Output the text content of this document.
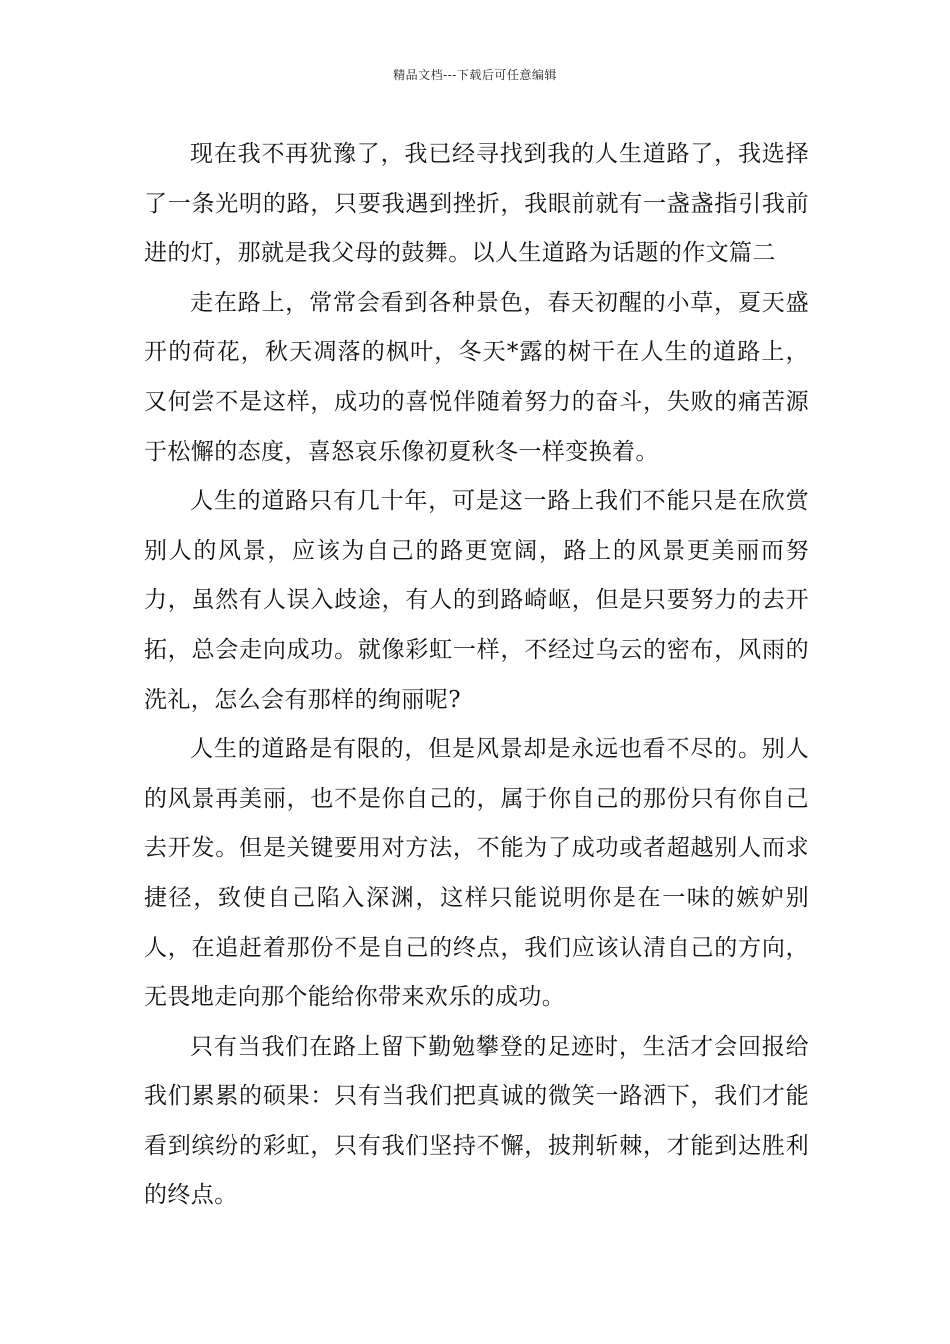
精品文档---下载后可任意编辑

现在我不再犹豫了，我已经寻找到我的人生道路了，我选择了一条光明的路，只要我遇到挫折，我眼前就有一盏盏指引我前进的灯，那就是我父母的鼓舞。以人生道路为话题的作文篇二

走在路上，常常会看到各种景色，春天初醒的小草，夏天盛开的荷花，秋天凋落的枫叶，冬天*露的树干在人生的道路上，又何尝不是这样，成功的喜悦伴随着努力的奋斗，失败的痛苦源于松懈的态度，喜怒哀乐像初夏秋冬一样变换着。

人生的道路只有几十年，可是这一路上我们不能只是在欣赏别人的风景，应该为自己的路更宽阔，路上的风景更美丽而努力，虽然有人误入歧途，有人的到路崎岖，但是只要努力的去开拓，总会走向成功。就像彩虹一样，不经过乌云的密布，风雨的洗礼，怎么会有那样的绚丽呢?

人生的道路是有限的，但是风景却是永远也看不尽的。别人的风景再美丽，也不是你自己的，属于你自己的那份只有你自己去开发。但是关键要用对方法，不能为了成功或者超越别人而求捷径，致使自己陷入深渊，这样只能说明你是在一味的嫉妒别人，在追赶着那份不是自己的终点，我们应该认清自己的方向，无畏地走向那个能给你带来欢乐的成功。

只有当我们在路上留下勤勉攀登的足迹时，生活才会回报给我们累累的硕果：只有当我们把真诚的微笑一路洒下，我们才能看到缤纷的彩虹，只有我们坚持不懈，披荆斩棘，才能到达胜利的终点。
